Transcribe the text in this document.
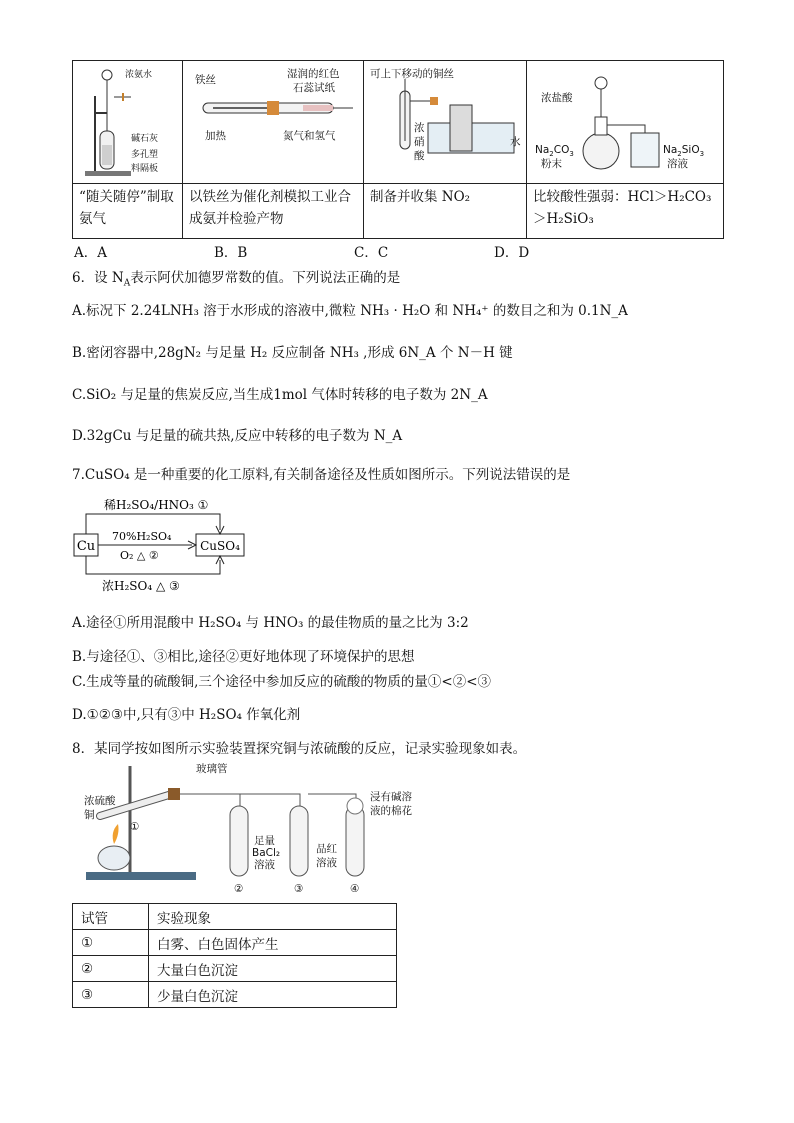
浓氨水
碱石灰
多孔塑
料隔板	铁丝 湿润的红色
石蕊试纸
加热 氮气和氢气	可上下移动的铜丝
浓
硝
酸
水	浓盐酸
$Na_2CO_3$
粉末
$Na_2SiO_3$
溶液

“随关随停”制取氨气	以铁丝为催化剂模拟工业合成氨并检验产物	制备并收集 NO₂	比较酸性强弱：HCl＞H₂CO₃＞H₂SiO₃
A．A	B．B	C．C	D．D
6．设 $N_A$表示阿伏加德罗常数的值。下列说法正确的是
A.标况下 2.24LNH₃ 溶于水形成的溶液中,微粒 NH₃ · H₂O 和 NH₄⁺ 的数目之和为 0.1N_A
B.密闭容器中,28gN₂ 与足量 H₂ 反应制备 NH₃ ,形成 6N_A 个 N－H 键
C.SiO₂ 与足量的焦炭反应,当生成1mol 气体时转移的电子数为 2N_A
D.32gCu 与足量的硫共热,反应中转移的电子数为 N_A
7.CuSO₄ 是一种重要的化工原料,有关制备途径及性质如图所示。下列说法错误的是
Cu	CuSO₄
稀H₂SO₄/HNO₃ ①
70%H₂SO₄
O₂ △ ②
浓H₂SO₄ △ ③
A.途径①所用混酸中 H₂SO₄ 与 HNO₃ 的最佳物质的量之比为 3:2
B.与途径①、③相比,途径②更好地体现了环境保护的思想
C.生成等量的硫酸铜,三个途径中参加反应的硫酸的物质的量①<②<③
D.①②③中,只有③中 H₂SO₄ 作氧化剂
8．某同学按如图所示实验装置探究铜与浓硫酸的反应，记录实验现象如表。
玻璃管
浓硫酸
铜
①
足量
BaCl₂
溶液
品红
溶液
浸有碱溶
液的棉花
②	③	④
试管	实验现象
①	白雾、白色固体产生
②	大量白色沉淀
③	少量白色沉淀
